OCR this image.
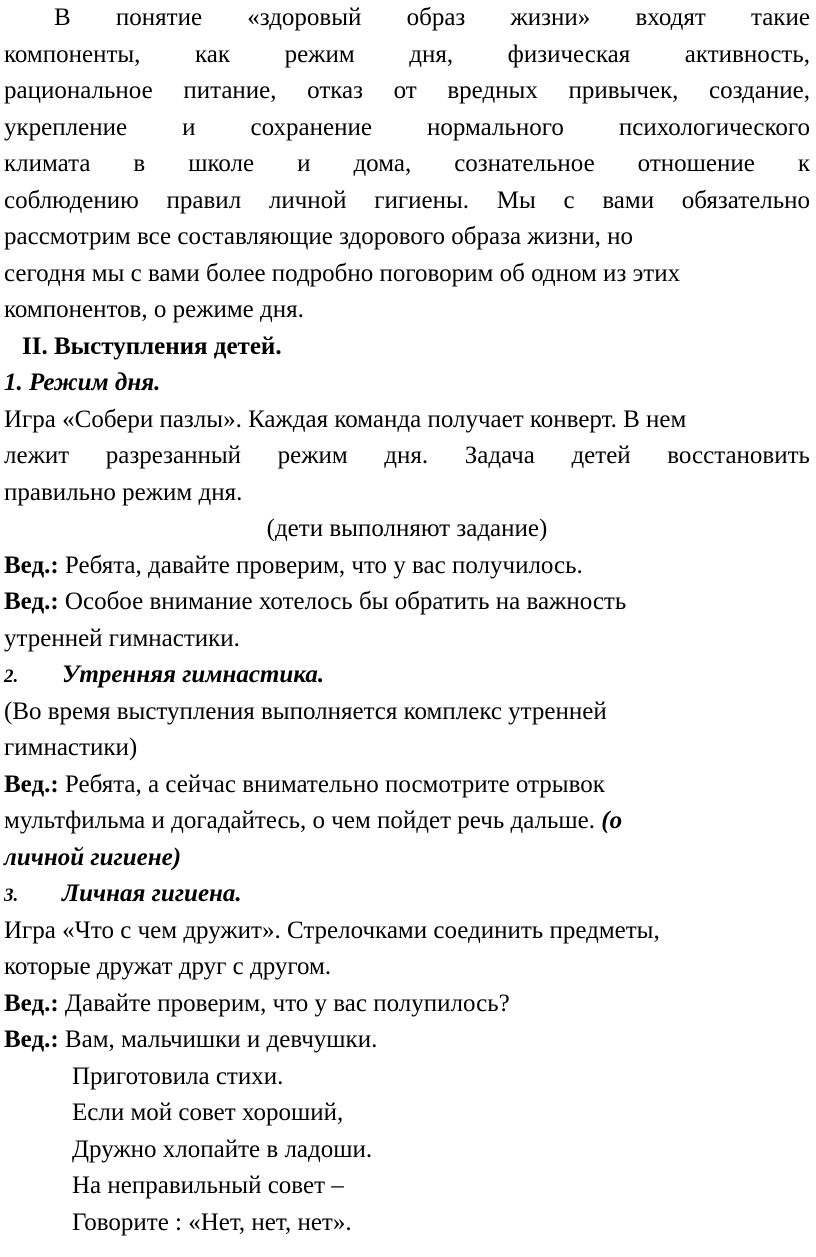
В понятие «здоровый образ жизни» входят такие
компоненты, как режим дня, физическая активность,
рациональное питание, отказ от вредных привычек, создание,
укрепление и сохранение нормального психологического
климата в школе и дома, сознательное отношение к
соблюдению правил личной гигиены. Мы с вами обязательно
рассмотрим все составляющие здорового образа жизни, но
сегодня мы с вами более подробно поговорим об одном из этих
компонентов, о режиме дня.
II. Выступления детей.
1. Режим дня.
Игра «Собери пазлы». Каждая команда получает конверт. В нем
лежит разрезанный режим дня. Задача детей восстановить
правильно режим дня.
(дети выполняют задание)
Вед.: Ребята, давайте проверим, что у вас получилось.
Вед.: Особое внимание хотелось бы обратить на важность
утренней гимнастики.
2. Утренняя гимнастика.
(Во время выступления выполняется комплекс утренней
гимнастики)
Вед.: Ребята, а сейчас внимательно посмотрите отрывок
мультфильма и догадайтесь, о чем пойдет речь дальше. (о
личной гигиене)
3. Личная гигиена.
Игра «Что с чем дружит». Стрелочками соединить предметы,
которые дружат друг с другом.
Вед.: Давайте проверим, что у вас полупилось?
Вед.: Вам, мальчишки и девчушки.
Приготовила стихи.
Если мой совет хороший,
Дружно хлопайте в ладоши.
На неправильный совет –
Говорите : «Нет, нет, нет».
